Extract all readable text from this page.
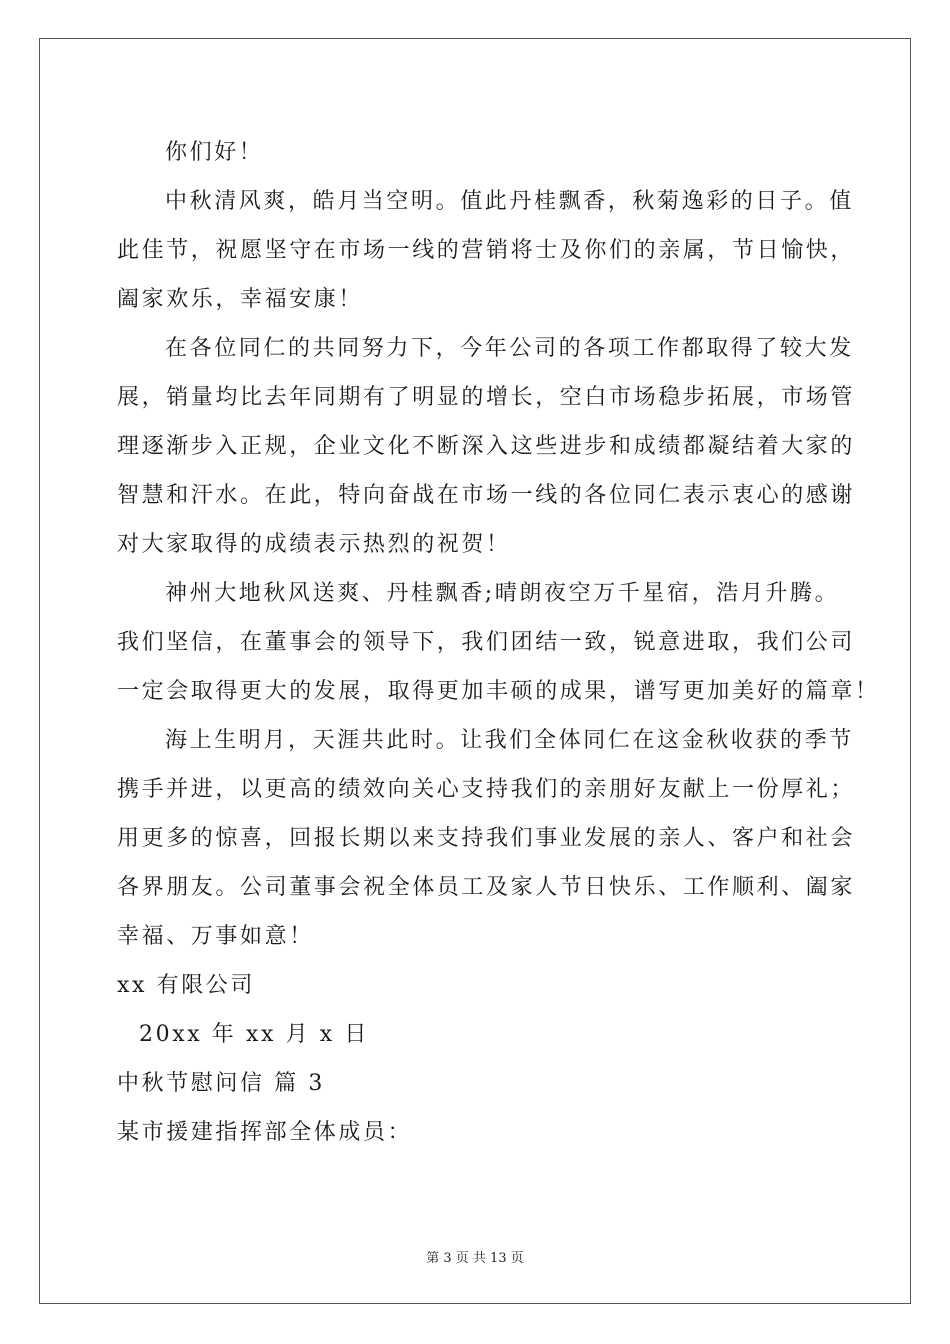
你们好！
中秋清风爽，皓月当空明。值此丹桂飘香，秋菊逸彩的日子。值
此佳节，祝愿坚守在市场一线的营销将士及你们的亲属，节日愉快，
阖家欢乐，幸福安康！
在各位同仁的共同努力下，今年公司的各项工作都取得了较大发
展，销量均比去年同期有了明显的增长，空白市场稳步拓展，市场管
理逐渐步入正规，企业文化不断深入这些进步和成绩都凝结着大家的
智慧和汗水。在此，特向奋战在市场一线的各位同仁表示衷心的感谢
对大家取得的成绩表示热烈的祝贺！
神州大地秋风送爽、丹桂飘香;晴朗夜空万千星宿，浩月升腾。
我们坚信，在董事会的领导下，我们团结一致，锐意进取，我们公司
一定会取得更大的发展，取得更加丰硕的成果，谱写更加美好的篇章！
海上生明月，天涯共此时。让我们全体同仁在这金秋收获的季节
携手并进，以更高的绩效向关心支持我们的亲朋好友献上一份厚礼；
用更多的惊喜，回报长期以来支持我们事业发展的亲人、客户和社会
各界朋友。公司董事会祝全体员工及家人节日快乐、工作顺利、阖家
幸福、万事如意！
xx 有限公司
20xx 年 xx 月 x 日
中秋节慰问信 篇 3
某市援建指挥部全体成员：
第 3 页 共 13 页
